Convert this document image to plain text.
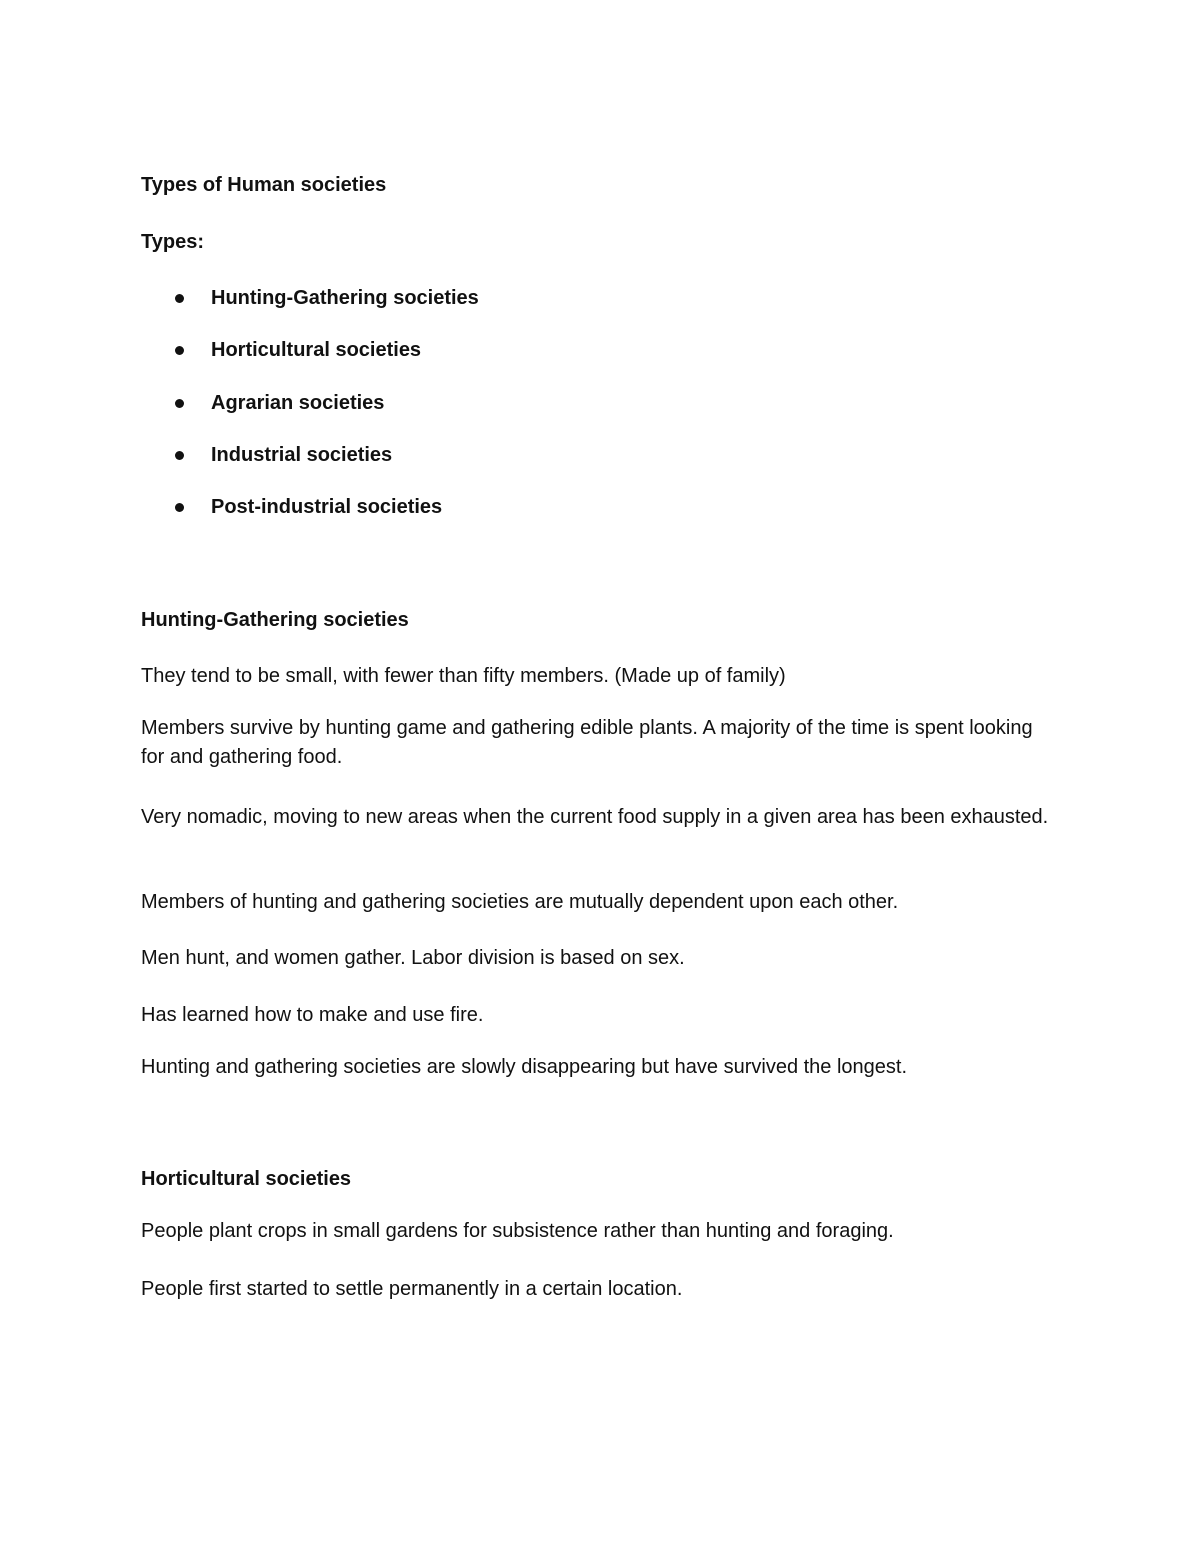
Types of Human societies
Types:
Hunting-Gathering societies
Horticultural societies
Agrarian societies
Industrial societies
Post-industrial societies
Hunting-Gathering societies
They tend to be small, with fewer than fifty members. (Made up of family)
Members survive by hunting game and gathering edible plants. A majority of the time is spent looking for and gathering food.
Very nomadic, moving to new areas when the current food supply in a given area has been exhausted.
Members of hunting and gathering societies are mutually dependent upon each other.
Men hunt, and women gather. Labor division is based on sex.
Has learned how to make and use fire.
Hunting and gathering societies are slowly disappearing but have survived the longest.
Horticultural societies
People plant crops in small gardens for subsistence rather than hunting and foraging.
People first started to settle permanently in a certain location.
